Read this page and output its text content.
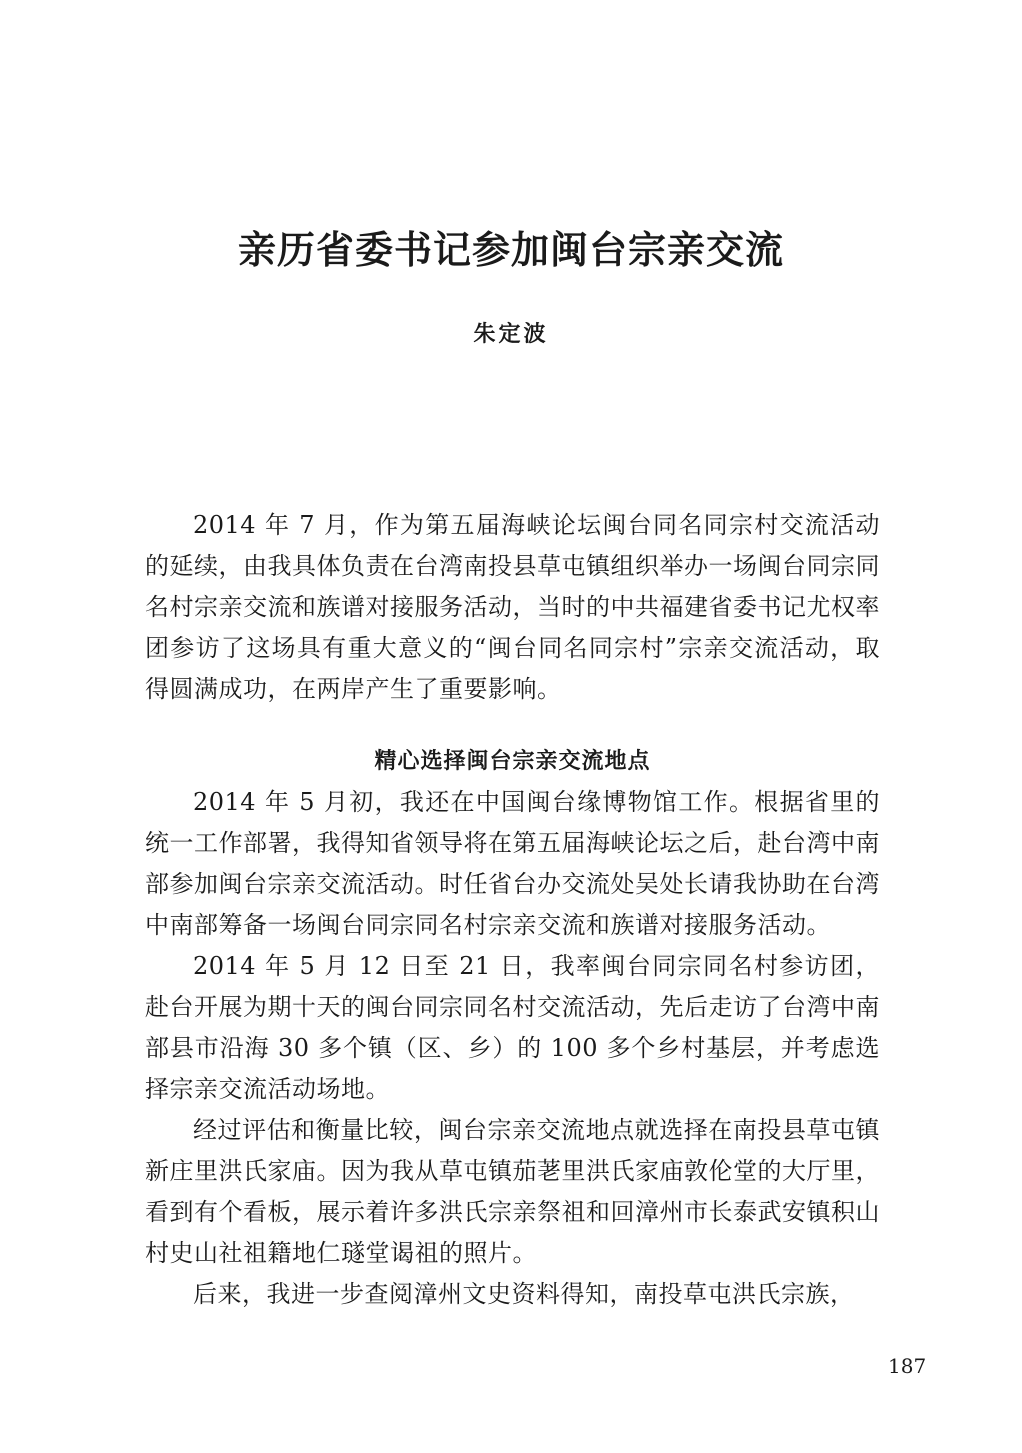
亲历省委书记参加闽台宗亲交流

朱定波

2014 年 7 月，作为第五届海峡论坛闽台同名同宗村交流活动的延续，由我具体负责在台湾南投县草屯镇组织举办一场闽台同宗同名村宗亲交流和族谱对接服务活动，当时的中共福建省委书记尤权率团参访了这场具有重大意义的“闽台同名同宗村”宗亲交流活动，取得圆满成功，在两岸产生了重要影响。

精心选择闽台宗亲交流地点

2014 年 5 月初，我还在中国闽台缘博物馆工作。根据省里的统一工作部署，我得知省领导将在第五届海峡论坛之后，赴台湾中南部参加闽台宗亲交流活动。时任省台办交流处吴处长请我协助在台湾中南部筹备一场闽台同宗同名村宗亲交流和族谱对接服务活动。

2014 年 5 月 12 日至 21 日，我率闽台同宗同名村参访团，赴台开展为期十天的闽台同宗同名村交流活动，先后走访了台湾中南部县市沿海 30 多个镇（区、乡）的 100 多个乡村基层，并考虑选择宗亲交流活动场地。

经过评估和衡量比较，闽台宗亲交流地点就选择在南投县草屯镇新庄里洪氏家庙。因为我从草屯镇茄荖里洪氏家庙敦伦堂的大厅里，看到有个看板，展示着许多洪氏宗亲祭祖和回漳州市长泰武安镇积山村史山社祖籍地仁璲堂谒祖的照片。

后来，我进一步查阅漳州文史资料得知，南投草屯洪氏宗族，

187
